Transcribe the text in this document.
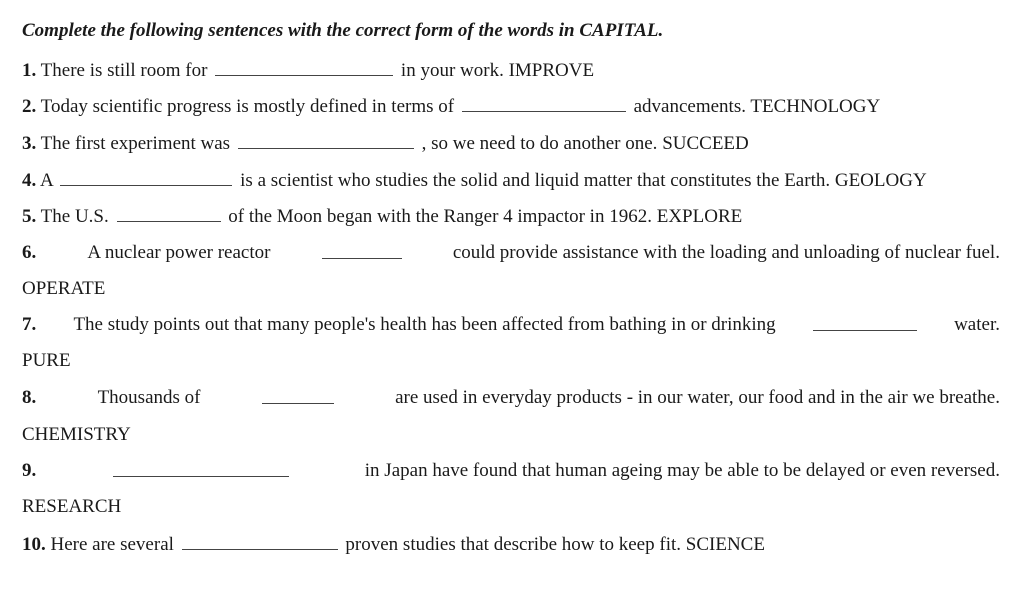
Complete the following sentences with the correct form of the words in CAPITAL.
1. There is still room for	in your work. IMPROVE
2. Today scientific progress is mostly defined in terms of	advancements. TECHNOLOGY
3. The first experiment was	, so we need to do another one. SUCCEED
4. A	is a scientist who studies the solid and liquid matter that constitutes the Earth. GEOLOGY
5. The U.S.	of the Moon began with the Ranger 4 impactor in 1962. EXPLORE
6.	A nuclear power reactor	could provide assistance with the loading and unloading of nuclear fuel.
OPERATE
7. The study points out that many people's health has been affected from bathing in or drinking	water.
PURE
8.	Thousands of	are used in everyday products - in our water, our food and in the air we breathe.
CHEMISTRY
9.	in Japan have found that human ageing may be able to be delayed or even reversed.
RESEARCH
10. Here are several	proven studies that describe how to keep fit. SCIENCE
